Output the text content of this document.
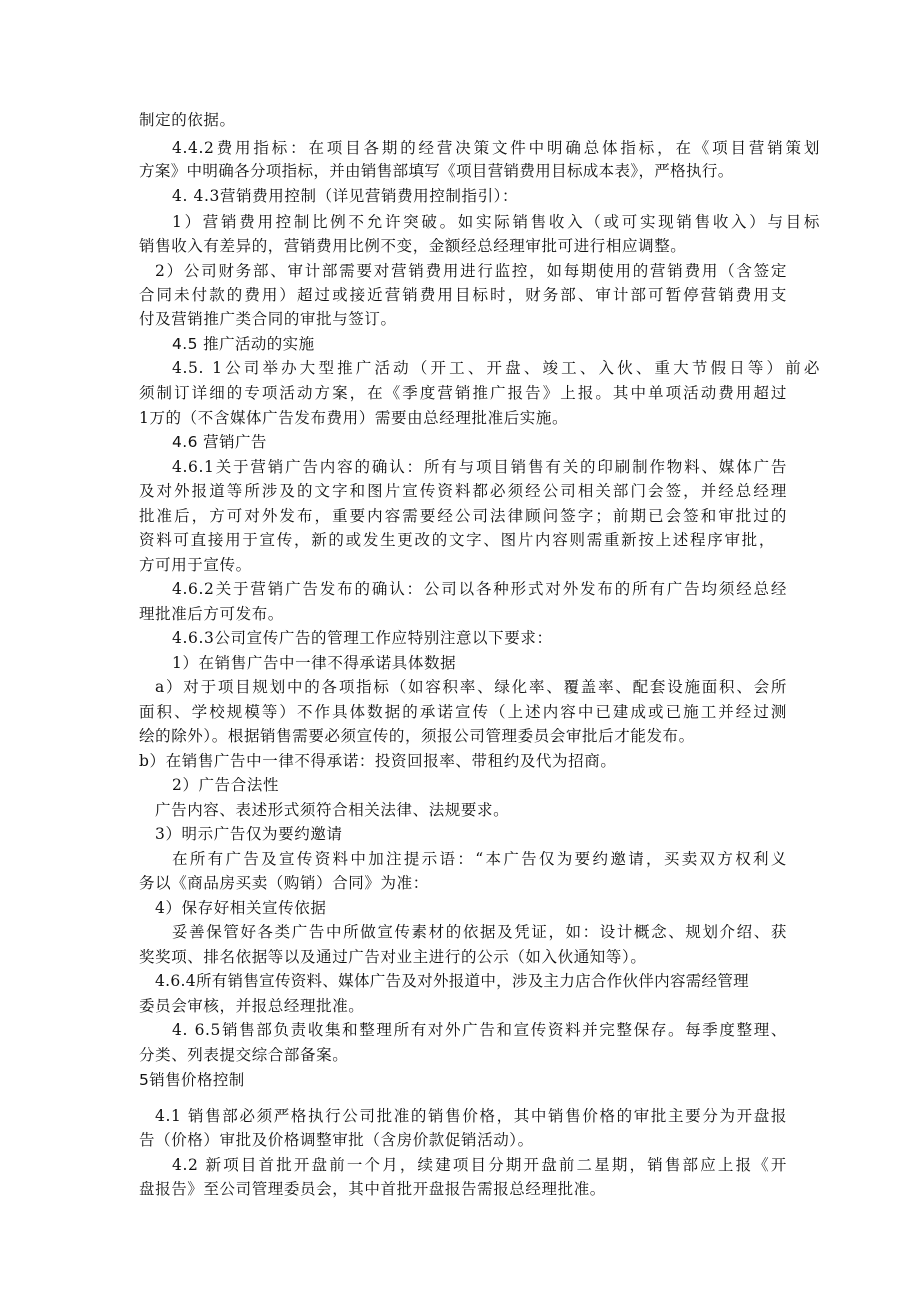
制定的依据。
4.4.2费用指标：在项目各期的经营决策文件中明确总体指标，在《项目营销策划
方案》中明确各分项指标，并由销售部填写《项目营销费用目标成本表》，严格执行。
4. 4.3营销费用控制（详见营销费用控制指引）：
1）营销费用控制比例不允许突破。如实际销售收入（或可实现销售收入）与目标
销售收入有差异的，营销费用比例不变，金额经总经理审批可进行相应调整。
2）公司财务部、审计部需要对营销费用进行监控，如每期使用的营销费用（含签定
合同未付款的费用）超过或接近营销费用目标时，财务部、审计部可暂停营销费用支
付及营销推广类合同的审批与签订。
4.5 推广活动的实施
4.5. 1公司举办大型推广活动（开工、开盘、竣工、入伙、重大节假日等）前必
须制订详细的专项活动方案，在《季度营销推广报告》上报。其中单项活动费用超过
1万的（不含媒体广告发布费用）需要由总经理批准后实施。
4.6 营销广告
4.6.1关于营销广告内容的确认：所有与项目销售有关的印刷制作物料、媒体广告
及对外报道等所涉及的文字和图片宣传资料都必须经公司相关部门会签，并经总经理
批准后，方可对外发布，重要内容需要经公司法律顾问签字；前期已会签和审批过的
资料可直接用于宣传，新的或发生更改的文字、图片内容则需重新按上述程序审批，
方可用于宣传。
4.6.2关于营销广告发布的确认：公司以各种形式对外发布的所有广告均须经总经
理批准后方可发布。
4.6.3公司宣传广告的管理工作应特别注意以下要求：
1）在销售广告中一律不得承诺具体数据
a）对于项目规划中的各项指标（如容积率、绿化率、覆盖率、配套设施面积、会所
面积、学校规模等）不作具体数据的承诺宣传（上述内容中已建成或已施工并经过测
绘的除外）。根据销售需要必须宣传的，须报公司管理委员会审批后才能发布。
b）在销售广告中一律不得承诺：投资回报率、带租约及代为招商。
2）广告合法性
广告内容、表述形式须符合相关法律、法规要求。
3）明示广告仅为要约邀请
在所有广告及宣传资料中加注提示语：“本广告仅为要约邀请，买卖双方权利义
务以《商品房买卖（购销）合同》为准：
4）保存好相关宣传依据
妥善保管好各类广告中所做宣传素材的依据及凭证，如：设计概念、规划介绍、获
奖奖项、排名依据等以及通过广告对业主进行的公示（如入伙通知等）。
4.6.4所有销售宣传资料、媒体广告及对外报道中，涉及主力店合作伙伴内容需经管理
委员会审核，并报总经理批准。
4. 6.5销售部负责收集和整理所有对外广告和宣传资料并完整保存。每季度整理、
分类、列表提交综合部备案。
5销售价格控制
4.1 销售部必须严格执行公司批准的销售价格，其中销售价格的审批主要分为开盘报
告（价格）审批及价格调整审批（含房价款促销活动）。
4.2 新项目首批开盘前一个月，续建项目分期开盘前二星期，销售部应上报《开
盘报告》至公司管理委员会，其中首批开盘报告需报总经理批准。
